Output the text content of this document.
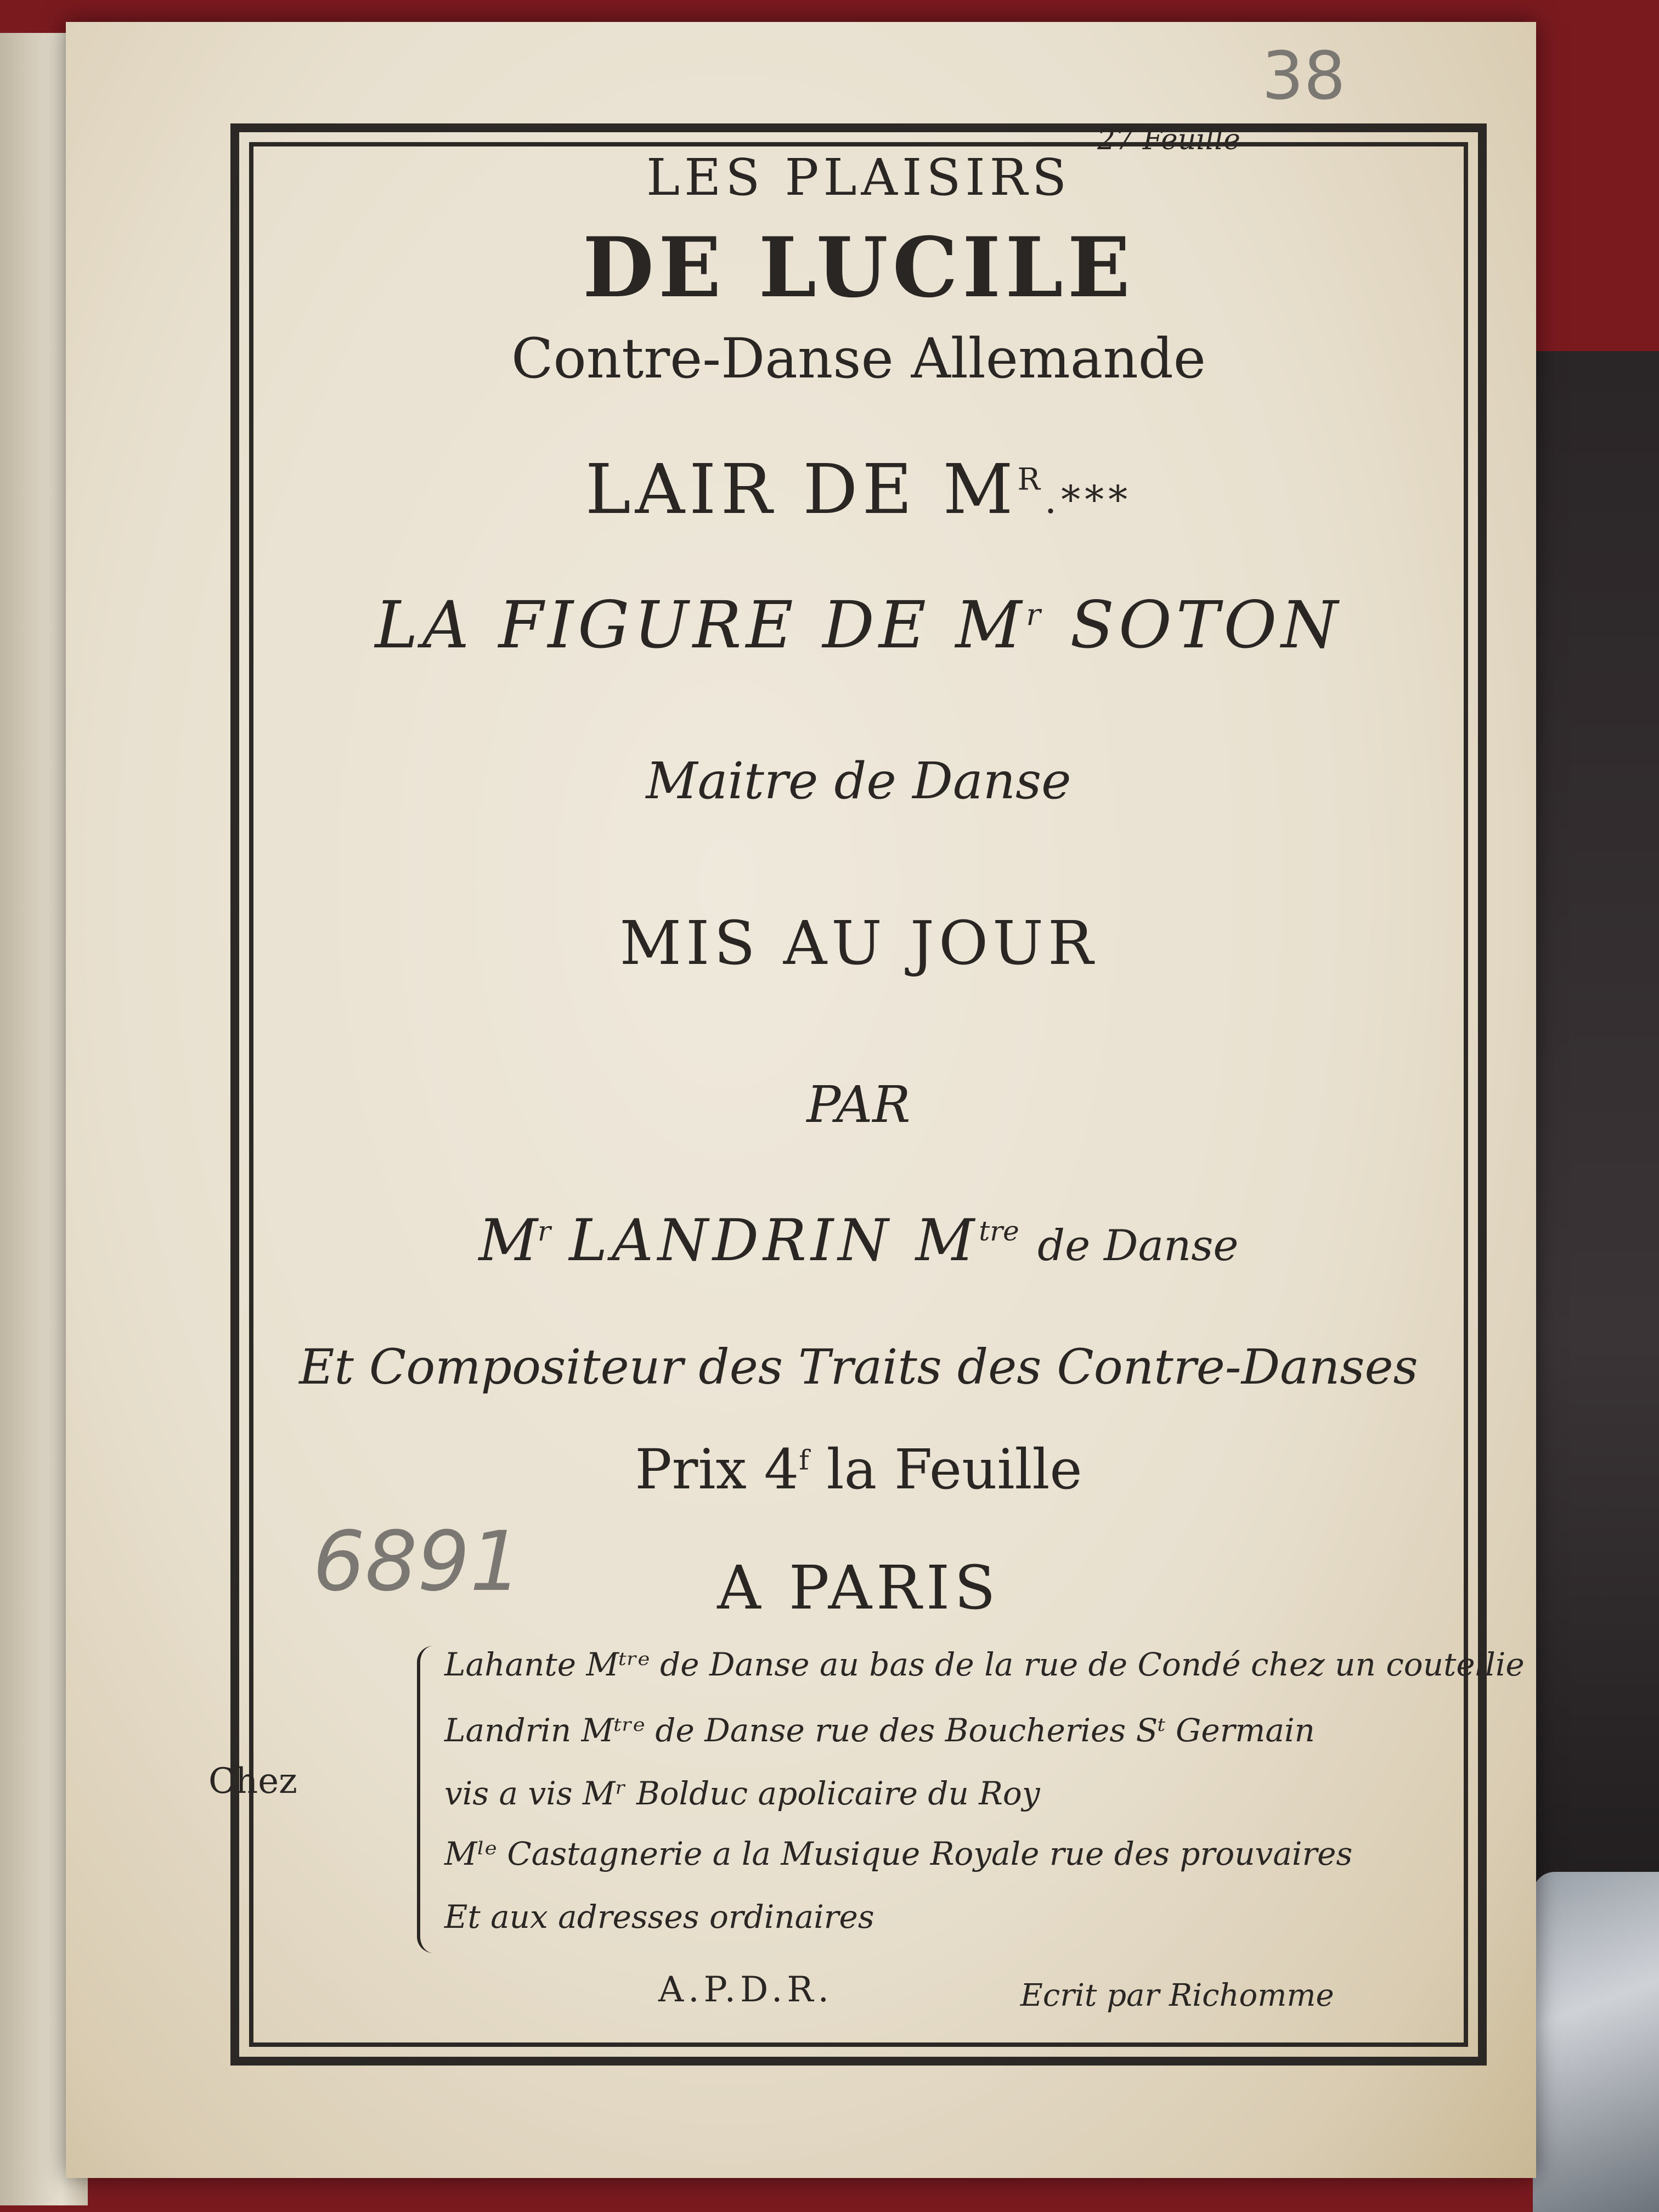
38
27 Feuille
LES PLAISIRS
DE LUCILE
Contre-Danse Allemande
LAIR DE $M^R.***$
LA FIGURE DE $M^r$ SOTON
Maitre de Danse
MIS AU JOUR
PAR
$M^r$ LANDRIN $M^{tre}$ de Danse
Et Compositeur des Traits des Contre-Danses
Prix 4$^f$ la Feuille
6891	A PARIS
Chez
Lahante Mᵗʳᵉ de Danse au bas de la rue de Condé chez un coutellie
Landrin Mᵗʳᵉ de Danse rue des Boucheries Sᵗ Germain
vis a vis Mʳ Bolduc apolicaire du Roy
Mˡᵉ Castagnerie a la Musique Royale rue des prouvaires
Et aux adresses ordinaires
A.P.D.R.	Ecrit par Richomme
